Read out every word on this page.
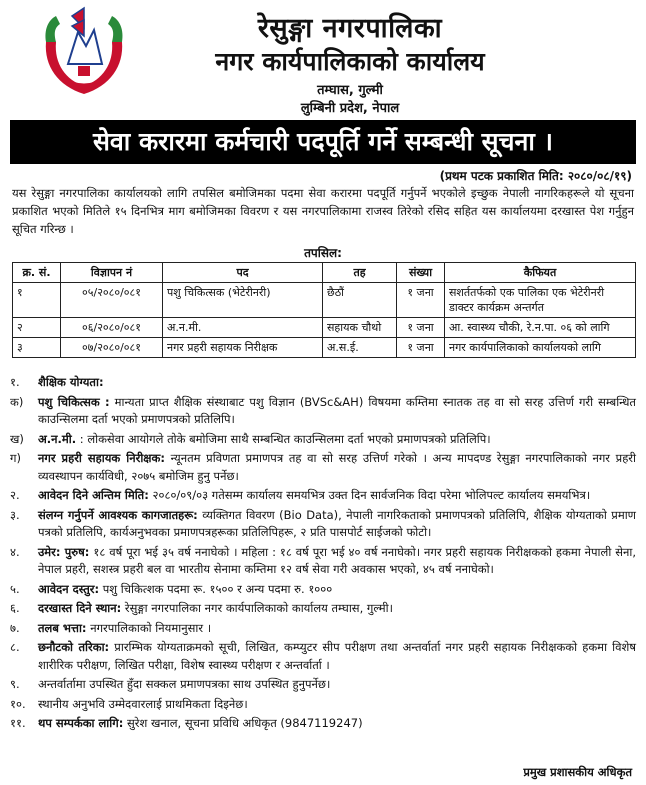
रेसुङ्गा नगरपालिका
नगर कार्यपालिकाको कार्यालय
तम्घास, गुल्मी
लुम्बिनी प्रदेश, नेपाल
सेवा करारमा कर्मचारी पदपूर्ति गर्ने सम्बन्धी सूचना ।
(प्रथम पटक प्रकाशित मिति: २०८०/०८/१९)
यस रेसुङ्गा नगरपालिका कार्यालयको लागि तपसिल बमोजिमका पदमा सेवा करारमा पदपूर्ति गर्नुपर्ने भएकोले इच्छुक नेपाली नागरिकहरूले यो सूचना प्रकाशित भएको मितिले १५ दिनभित्र माग बमोजिमका विवरण र यस नगरपालिकामा राजस्व तिरेको रसिद सहित यस कार्यालयमा दरखास्त पेश गर्नुहुन सूचित गरिन्छ ।
तपसिल:
क्र. सं.	विज्ञापन नं	पद	तह	संख्या	कैफियत
१	०५/२०८०/०८१	पशु चिकित्सक (भेटेरीनरी)	छैठौं	१ जना	सशर्ततर्फको एक पालिका एक भेटेरीनरी डाक्टर कार्यक्रम अन्तर्गत
२	०६/२०८०/०८१	अ.न.मी.	सहायक चौथो	१ जना	आ. स्वास्थ्य चौकी, रे.न.पा. ०६ को लागि
३	०७/२०८०/०८१	नगर प्रहरी सहायक निरीक्षक	अ.स.ई.	१ जना	नगर कार्यपालिकाको कार्यालयको लागि
१.	शैक्षिक योग्यता:
क)	पशु चिकित्सक : मान्यता प्राप्त शैक्षिक संस्थाबाट पशु विज्ञान (BVSc&AH) विषयमा कम्तिमा स्नातक तह वा सो सरह उत्तिर्ण गरी सम्बन्धित काउन्सिलमा दर्ता भएको प्रमाणपत्रको प्रतिलिपि।
ख)	अ.न.मी. : लोकसेवा आयोगले तोके बमोजिमा साथै सम्बन्धित काउन्सिलमा दर्ता भएको प्रमाणपत्रको प्रतिलिपि।
ग)	नगर प्रहरी सहायक निरीक्षक: न्यूनतम प्रविणता प्रमाणपत्र तह वा सो सरह उत्तिर्ण गरेको । अन्य मापदण्ड रेसुङ्गा नगरपालिकाको नगर प्रहरी व्यवस्थापन कार्यविधी, २०७५ बमोजिम हुनु पर्नेछ।
२.	आवेदन दिने अन्तिम मिति: २०८०/०९/०३ गतेसम्म कार्यालय समयभित्र उक्त दिन सार्वजनिक विदा परेमा भोलिपल्ट कार्यालय समयभित्र।
३.	संलग्न गर्नुपर्ने आवश्यक कागजातहरू: व्यक्तिगत विवरण (Bio Data), नेपाली नागरिकताको प्रमाणपत्रको प्रतिलिपि, शैक्षिक योग्यताको प्रमाण पत्रको प्रतिलिपि, कार्यअनुभवका प्रमाणपत्रहरूका प्रतिलिपिहरू, २ प्रति पासपोर्ट साईजको फोटो।
४.	उमेर: पुरुष: १८ वर्ष पूरा भई ३५ वर्ष ननाघेको । महिला : १८ वर्ष पूरा भई ४० वर्ष ननाघेको। नगर प्रहरी सहायक निरीक्षकको हकमा नेपाली सेना, नेपाल प्रहरी, सशस्त्र प्रहरी बल वा भारतीय सेनामा कम्तिमा १२ वर्ष सेवा गरी अवकास भएको, ४५ वर्ष ननाघेको।
५.	आवेदन दस्तुर: पशु चिकित्शक पदमा रू. १५०० र अन्य पदमा रु. १०००
६.	दरखास्त दिने स्थान: रेसुङ्गा नगरपालिका नगर कार्यपालिकाको कार्यालय तम्घास, गुल्मी।
७.	तलब भत्ता: नगरपालिकाको नियमानुसार ।
८.	छनौटको तरिका: प्रारम्भिक योग्यताक्रमको सूची, लिखित, कम्प्युटर सीप परीक्षण तथा अन्तर्वार्ता नगर प्रहरी सहायक निरीक्षकको हकमा विशेष शारीरिक परीक्षण, लिखित परीक्षा, विशेष स्वास्थ्य परीक्षण र अन्तर्वार्ता ।
९.	अन्तर्वार्तामा उपस्थित हुँदा सक्कल प्रमाणपत्रका साथ उपस्थित हुनुपर्नेछ।
१०.	स्थानीय अनुभवि उम्मेदवारलाई प्राथमिकता दिइनेछ।
११.	थप सम्पर्कका लागि: सुरेश खनाल, सूचना प्रविधि अधिकृत (9847119247)
प्रमुख प्रशासकीय अधिकृत
